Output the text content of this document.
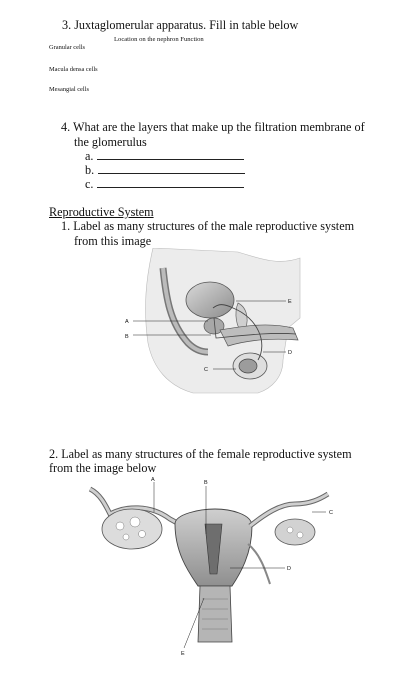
3. Juxtaglomerular apparatus. Fill in table below
Location on the nephron Function
Granular cells
Macula densa cells
Mesangial cells
4. What are the layers that make up the filtration membrane of
the glomerulus
a.
b.
c.
Reproductive System
1. Label as many structures of the male reproductive system
from this image
A
B
C
D
E
2. Label as many structures of the female reproductive system
from the image below
A	B
C
D
E
